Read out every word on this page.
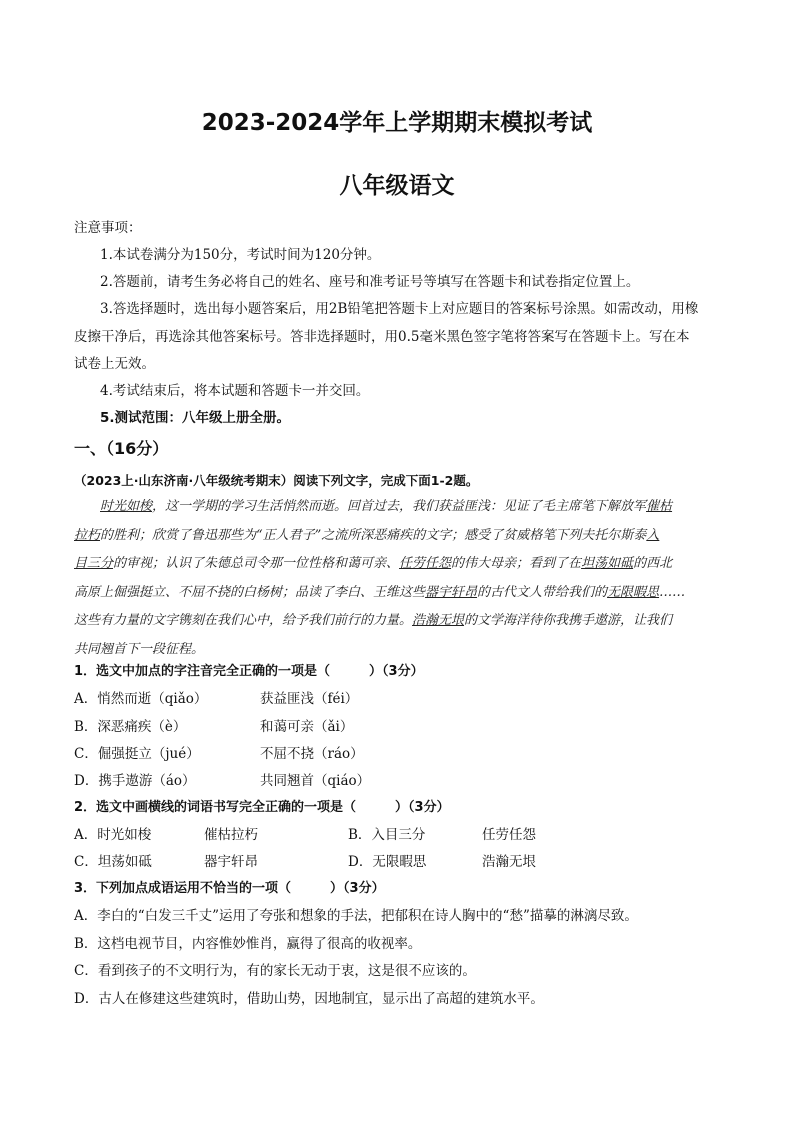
2023-2024学年上学期期末模拟考试
八年级语文
注意事项：
1.本试卷满分为150分，考试时间为120分钟。
2.答题前，请考生务必将自己的姓名、座号和准考证号等填写在答题卡和试卷指定位置上。
3.答选择题时，选出每小题答案后，用2B铅笔把答题卡上对应题目的答案标号涂黑。如需改动，用橡
皮擦干净后，再选涂其他答案标号。答非选择题时，用0.5毫米黑色签字笔将答案写在答题卡上。写在本
试卷上无效。
4.考试结束后，将本试题和答题卡一并交回。
5.测试范围：八年级上册全册。
一、（16分）
（2023上·山东济南·八年级统考期末）阅读下列文字，完成下面1-2题。
时光如梭，这一学期的学习生活悄然而逝。回首过去，我们获益匪浅：见证了毛主席笔下解放军催枯
拉朽的胜利；欣赏了鲁迅那些为“正人君子”之流所深恶痛疾的文字；感受了贫威格笔下列夫托尔斯泰入
目三分的审视；认识了朱德总司令那一位性格和蔼可亲、任劳任怨的伟大母亲；看到了在坦荡如砥的西北
高原上倔强挺立、不屈不挠的白杨树；品读了李白、王维这些器宇轩昂的古代文人带给我们的无限暇思……
这些有力量的文字镌刻在我们心中，给予我们前行的力量。浩瀚无垠的文学海洋待你我携手遨游，让我们
共同翘首下一段征程。
1．选文中加点的字注音完全正确的一项是（　　　）（3分）
A．悄然而逝（qiǎo）	获益匪浅（féi）
B．深恶痛疾（è）	和蔼可亲（ǎi）
C．倔强挺立（jué）	不屈不挠（ráo）
D．携手遨游（áo）	共同翘首（qiáo）
2．选文中画横线的词语书写完全正确的一项是（　　　）（3分）
A．时光如梭	催枯拉朽	B．入目三分	任劳任怨
C．坦荡如砥	器宇轩昂	D．无限暇思	浩瀚无垠
3．下列加点成语运用不恰当的一项（　　　）（3分）
A．李白的“白发三千丈”运用了夸张和想象的手法，把郁积在诗人胸中的“愁”描摹的淋漓尽致。
B．这档电视节目，内容惟妙惟肖，赢得了很高的收视率。
C．看到孩子的不文明行为，有的家长无动于衷，这是很不应该的。
D．古人在修建这些建筑时，借助山势，因地制宜，显示出了高超的建筑水平。
